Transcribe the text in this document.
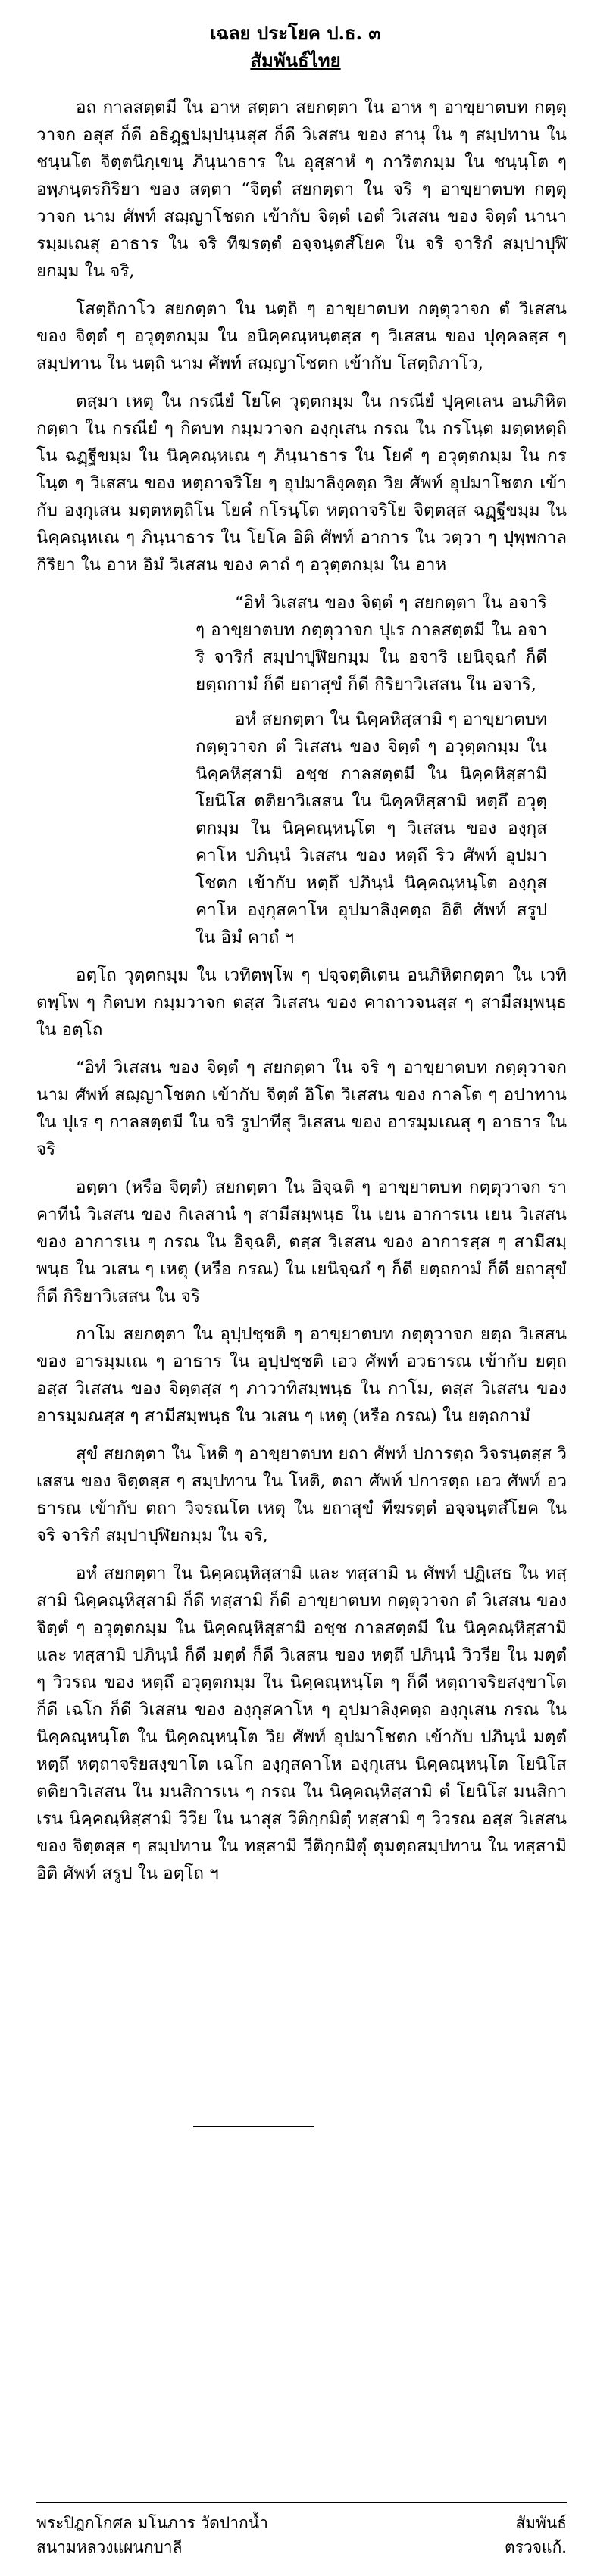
เฉลย ประโยค ป.ธ. ๓
สัมพันธ์ไทย

อถ กาลสตฺตมี ใน อาห สตฺตา สยกตฺตา ใน อาห ๆ อาขฺยาตบท กตฺตุวาจก อสุส ก็ดี อธิฎฺฐปมฺปนฺนสุส ก็ดี วิเสสน ของ สานุ ใน ๆ สมฺปทาน ใน ชนฺนโต จิตฺตนิกฺเขนฺ ภินฺนาธาร ใน อุสฺสาหํ ๆ การิตกมฺม ใน ชนฺนฺโต ๆ อพฺภนฺตรกิริยา ของ สตฺตา “จิตฺตํ สยกตฺตา ใน จริ ๆ อาขฺยาตบท กตฺตุวาจก นาม ศัพท์ สฌฺญาโชตก เข้ากับ จิตฺตํ เอตํ วิเสสน ของ จิตฺตํ นานารมฺมเณสุ อาธาร ใน จริ ทีฆรตฺตํ อจฺจนฺตสํโยค ใน จริ จาริกํ สมฺปาปุฬิยกมฺม ใน จริ,

โสตฺถิกาโว สยกตฺตา ใน นตฺถิ ๆ อาขฺยาตบท กตฺตุวาจก ตํ วิเสสน ของ จิตฺตํ ๆ อวุตฺตกมฺม ใน อนิคฺคณฺหนฺตสฺส ๆ วิเสสน ของ ปุคฺคลสฺส ๆ สมฺปทาน ใน นตฺถิ นาม ศัพท์ สฌฺญาโชตก เข้ากับ โสตฺถิภาโว,

ตสฺมา เหตุ ใน กรณียํ โยโค วุตฺตกมฺม ใน กรณียํ ปุคฺคเลน อนภิหิตกตฺตา ใน กรณียํ ๆ กิตบท กมฺมวาจก องฺกุเสน กรณ ใน กรโนฺต มตฺตหตฺถิโน ฉฏฺฐีขมฺม ใน นิคฺคณฺหเณ ๆ ภินฺนาธาร ใน โยคํ ๆ อวุตฺตกมฺม ใน กรโนฺต ๆ วิเสสน ของ หตฺถาจริโย ๆ อุปมาลิงฺคตฺถ วิย ศัพท์ อุปมาโชตก เข้ากับ องฺกุเสน มตฺตหตฺถิโน โยคํ กโรนฺโต หตฺถาจริโย จิตฺตสฺส ฉฏฺฐีขมฺม ใน นิคฺคณฺหเณ ๆ ภินฺนาธาร ใน โยโค อิติ ศัพท์ อาการ ใน วตฺวา ๆ ปุพฺพกาลกิริยา ใน อาห อิมํ วิเสสน ของ คาถํ ๆ อวุตฺตกมฺม ใน อาห

“อิทํ วิเสสน ของ จิตฺตํ ๆ สยกตฺตา ใน อจาริ ๆ อาขฺยาตบท กตฺตุวาจก ปุเร กาลสตฺตมี ใน อจาริ จาริกํ สมฺปาปุฬิยกมฺม ใน อจาริ เยนิจฺฉกํ ก็ดี ยตฺถกามํ ก็ดี ยถาสุขํ ก็ดี กิริยาวิเสสน ใน อจาริ,

อหํ สยกตฺตา ใน นิคฺคหิสฺสามิ ๆ อาขฺยาตบท กตฺตุวาจก ตํ วิเสสน ของ จิตฺตํ ๆ อวุตฺตกมฺม ใน นิคฺคหิสฺสามิ อชฺช กาลสตฺตมี ใน นิคฺคหิสฺสามิ โยนิโส ตติยาวิเสสน ใน นิคฺคหิสฺสามิ หตฺถึ อวุตฺตกมฺม ใน นิคฺคณฺหนฺโต ๆ วิเสสน ของ องฺกุสคาโห ปภินฺนํ วิเสสน ของ หตฺถึ ริว ศัพท์ อุปมาโชตก เข้ากับ หตฺถึ ปภินฺนํ นิคฺคณฺหนฺโต องฺกุสคาโห องฺกุสคาโห อุปมาลิงฺคตฺถ อิติ ศัพท์ สรูป ใน อิมํ คาถํ ฯ

อตฺโถ วุตฺตกมฺม ใน เวทิตพฺโพ ๆ ปจฺจตฺติเตน อนภิหิตกตฺตา ใน เวทิตพฺโพ ๆ กิตบท กมฺมวาจก ตสฺส วิเสสน ของ คาถาวจนสฺส ๆ สามีสมฺพนฺธ ใน อตฺโถ

“อิทํ วิเสสน ของ จิตฺตํ ๆ สยกตฺตา ใน จริ ๆ อาขฺยาตบท กตฺตุวาจก นาม ศัพท์ สฌฺญาโชตก เข้ากับ จิตฺตํ อิโต วิเสสน ของ กาลโต ๆ อปาทาน ใน ปุเร ๆ กาลสตฺตมี ใน จริ รูปาทีสุ วิเสสน ของ อารมฺมเณสุ ๆ อาธาร ใน จริ

อตฺตา (หรือ จิตฺตํ) สยกตฺตา ใน อิจฺฉติ ๆ อาขฺยาตบท กตฺตุวาจก ราคาทีนํ วิเสสน ของ กิเลสานํ ๆ สามีสมฺพนฺธ ใน เยน อาการเน เยน วิเสสน ของ อาการเน ๆ กรณ ใน อิจฺฉติ, ตสฺส วิเสสน ของ อาการสฺส ๆ สามีสมฺพนฺธ ใน วเสน ๆ เหตุ (หรือ กรณ) ใน เยนิจฺฉกํ ๆ ก็ดี ยตฺถกามํ ก็ดี ยถาสุขํ ก็ดี กิริยาวิเสสน ใน จริ

กาโม สยกตฺตา ใน อุปฺปชฺชติ ๆ อาขฺยาตบท กตฺตุวาจก ยตฺถ วิเสสน ของ อารมฺมเณ ๆ อาธาร ใน อุปฺปชฺชติ เอว ศัพท์ อวธารณ เข้ากับ ยตฺถ อสฺส วิเสสน ของ จิตฺตสฺส ๆ ภาวาทิสมฺพนฺธ ใน กาโม, ตสฺส วิเสสน ของ อารมฺมณสฺส ๆ สามีสมฺพนฺธ ใน วเสน ๆ เหตุ (หรือ กรณ) ใน ยตฺถกามํ

สุขํ สยกตฺตา ใน โหติ ๆ อาขฺยาตบท ยถา ศัพท์ ปการตฺถ วิจรนฺตสฺส วิเสสน ของ จิตฺตสฺส ๆ สมฺปทาน ใน โหติ, ตถา ศัพท์ ปการตฺถ เอว ศัพท์ อวธารณ เข้ากับ ตถา วิจรณโต เหตุ ใน ยถาสุขํ ทีฆรตฺตํ อจฺจนฺตสํโยค ใน จริ จาริกํ สมฺปาปุฬิยกมฺม ใน จริ,

อหํ สยกตฺตา ใน นิคฺคณฺหิสฺสามิ และ ทสฺสามิ น ศัพท์ ปฏิเสธ ใน ทสฺสามิ นิคฺคณฺหิสฺสามิ ก็ดี ทสฺสามิ ก็ดี อาขฺยาตบท กตฺตุวาจก ตํ วิเสสน ของ จิตฺตํ ๆ อวุตฺตกมฺม ใน นิคฺคณฺหิสฺสามิ อชฺช กาลสตฺตมี ใน นิคฺคณฺหิสฺสามิ และ ทสฺสามิ ปภินฺนํ ก็ดี มตฺตํ ก็ดี วิเสสน ของ หตฺถึ ปภินฺนํ วิวรีย ใน มตฺตํ ๆ วิวรณ ของ หตฺถึ อวุตฺตกมฺม ใน นิคฺคณฺหนฺโต ๆ ก็ดี หตฺถาจริยสงฺขาโต ก็ดี เฉโก ก็ดี วิเสสน ของ องฺกุสคาโห ๆ อุปมาลิงฺคตฺถ องฺกุเสน กรณ ใน นิคฺคณฺหนฺโต ใน นิคฺคณฺหนฺโต วิย ศัพท์ อุปมาโชตก เข้ากับ ปภินฺนํ มตฺตํ หตฺถึ หตฺถาจริยสงฺขาโต เฉโก องฺกุสคาโห องฺกุเสน นิคฺคณฺหนฺโต โยนิโส ตติยาวิเสสน ใน มนสิการเน ๆ กรณ ใน นิคฺคณฺหิสฺสามิ ตํ โยนิโส มนสิกาเรน นิคฺคณฺหิสฺสามิ วีวีย ใน นาสุส วีติกฺกมิตุํ ทสฺสามิ ๆ วิวรณ อสฺส วิเสสน ของ จิตฺตสฺส ๆ สมฺปทาน ใน ทสฺสามิ วีติกฺกมิตุํ ตุมตฺถสมฺปทาน ใน ทสฺสามิ อิติ ศัพท์ สรูป ใน อตฺโถ ฯ

พระปิฎกโกศล มโนภาร วัดปากน้ำ	สัมพันธ์
สนามหลวงแผนกบาลี	ตรวจแก้.
